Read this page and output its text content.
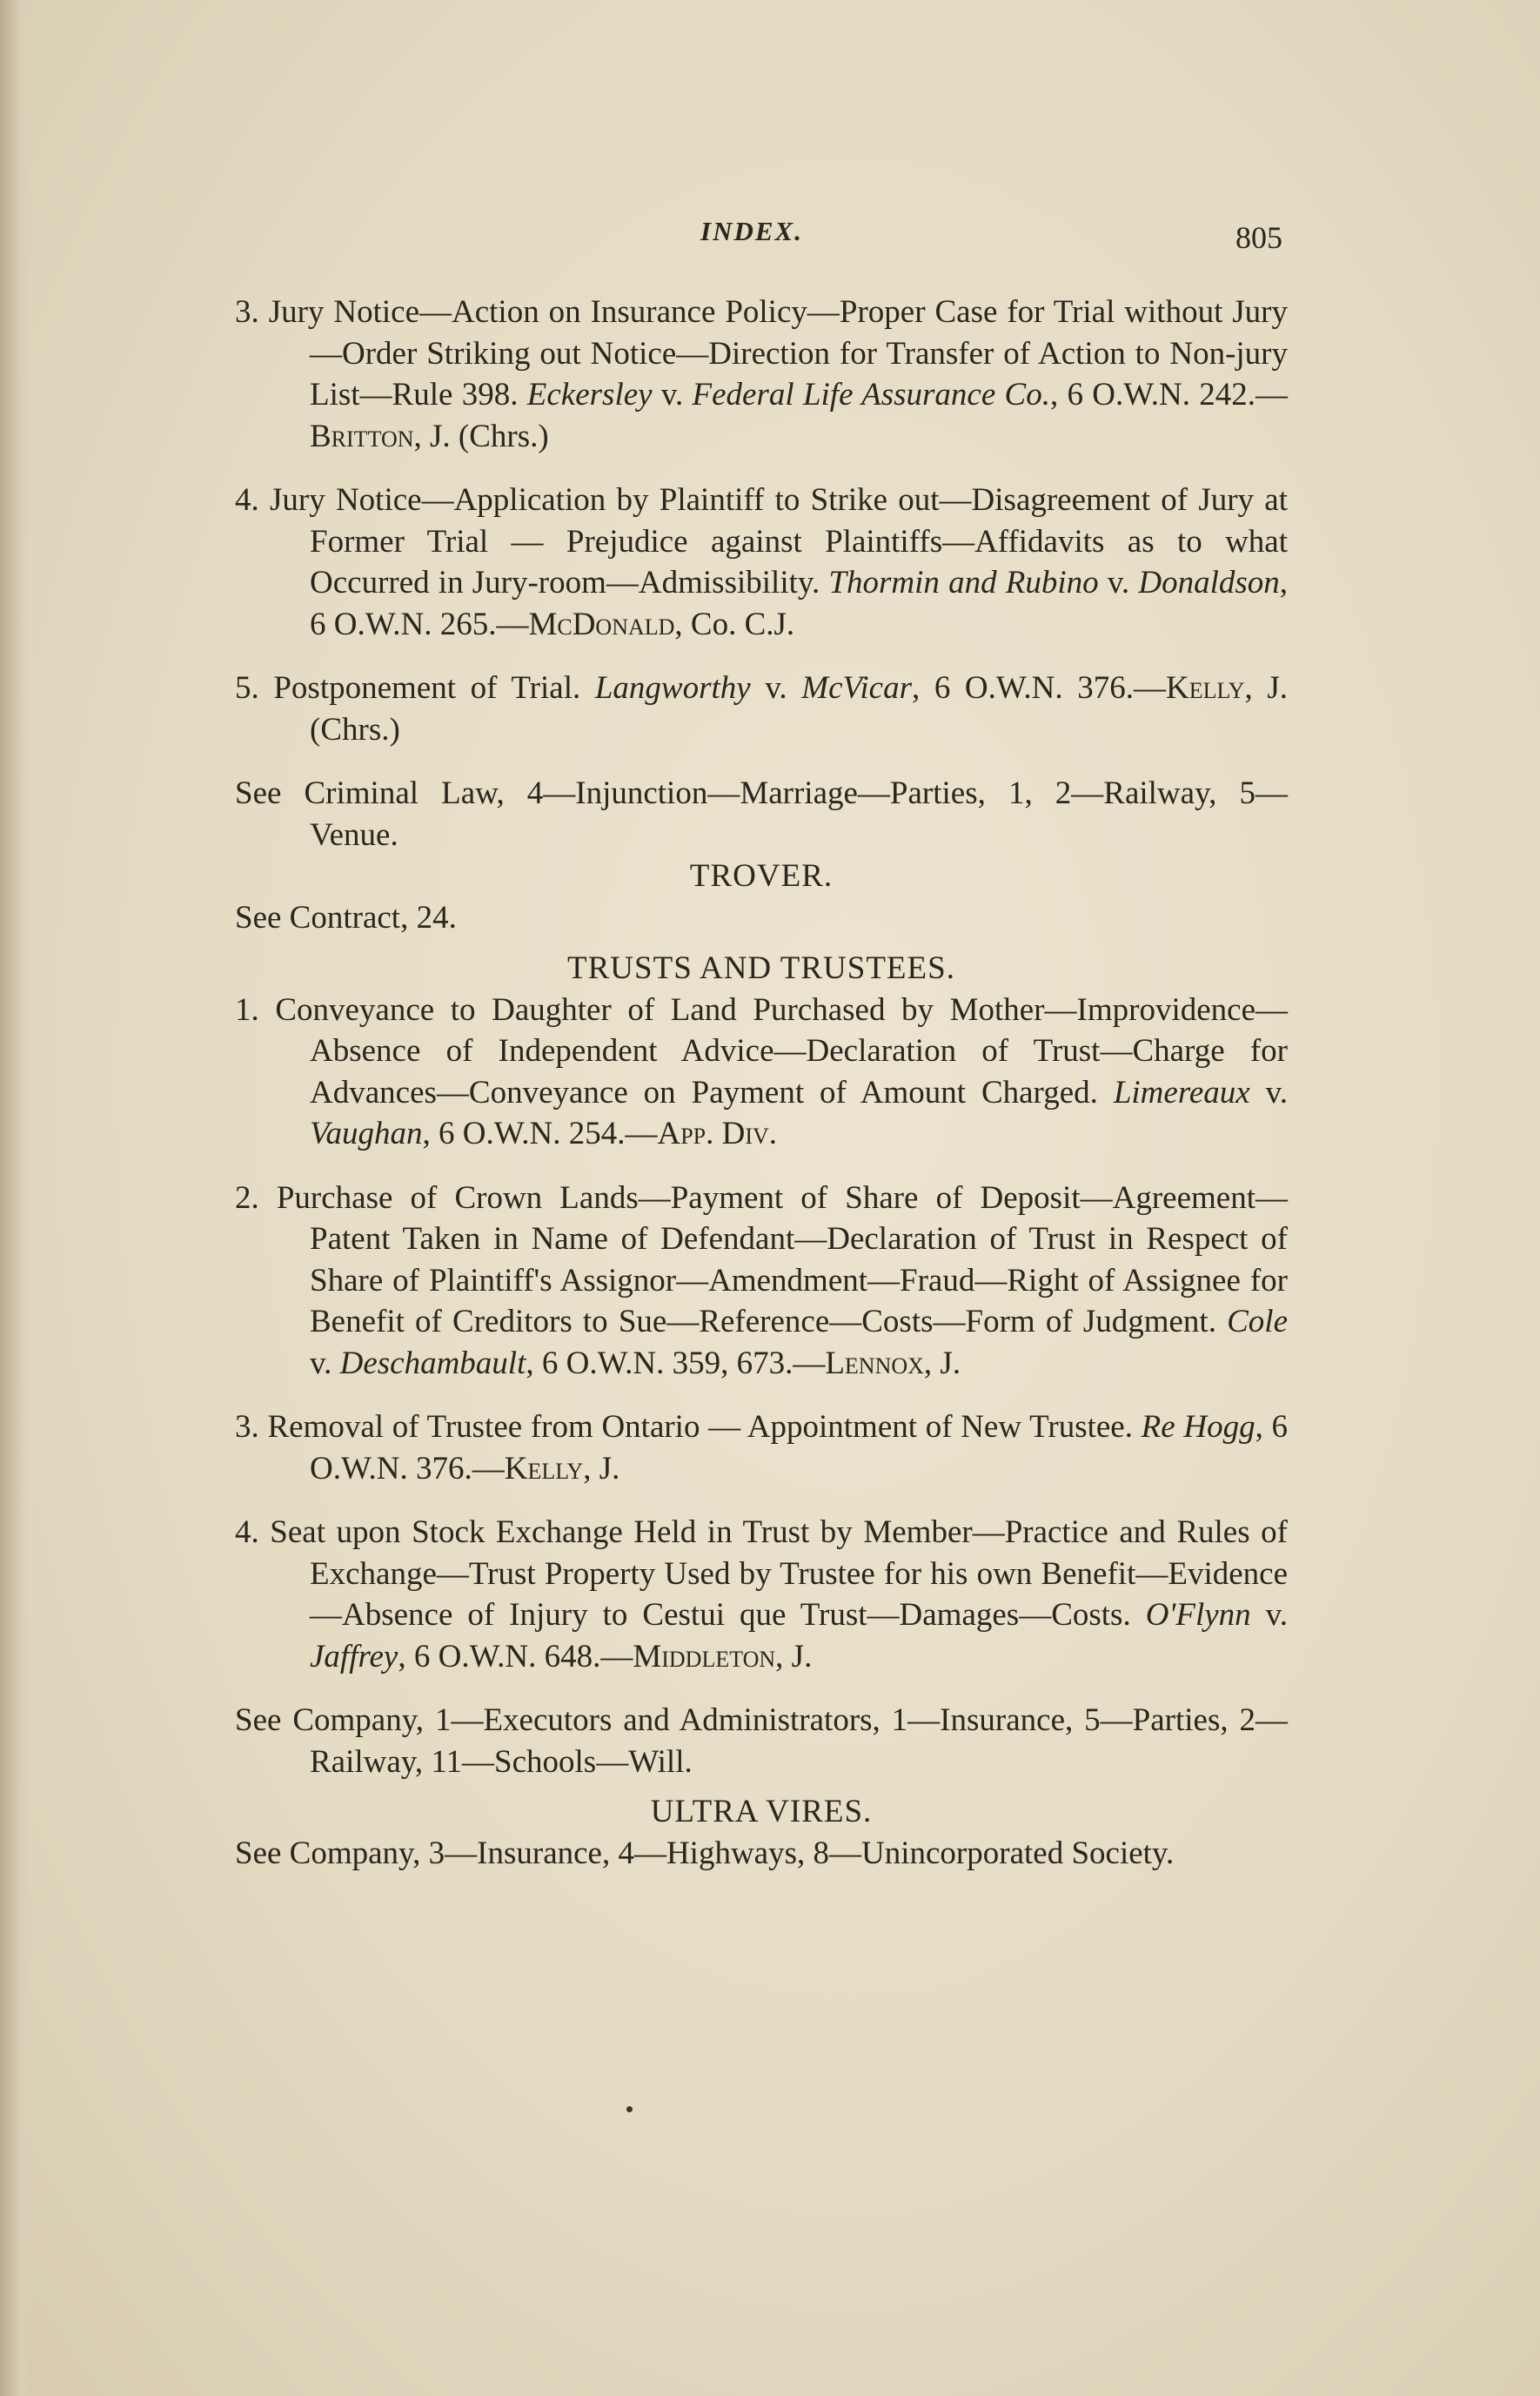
INDEX.	805

3. Jury Notice—Action on Insurance Policy—Proper Case for Trial without Jury—Order Striking out Notice—Direction for Transfer of Action to Non-jury List—Rule 398. Eckersley v. Federal Life Assurance Co., 6 O.W.N. 242.—Britton, J. (Chrs.)

4. Jury Notice—Application by Plaintiff to Strike out—Disagreement of Jury at Former Trial — Prejudice against Plaintiffs—Affidavits as to what Occurred in Jury-room—Admissibility. Thormin and Rubino v. Donaldson, 6 O.W.N. 265.—McDonald, Co. C.J.

5. Postponement of Trial. Langworthy v. McVicar, 6 O.W.N. 376.—Kelly, J. (Chrs.)

See Criminal Law, 4—Injunction—Marriage—Parties, 1, 2—Railway, 5—Venue.

TROVER.

See Contract, 24.

TRUSTS AND TRUSTEES.

1. Conveyance to Daughter of Land Purchased by Mother—Improvidence—Absence of Independent Advice—Declaration of Trust—Charge for Advances—Conveyance on Payment of Amount Charged. Limereaux v. Vaughan, 6 O.W.N. 254.—App. Div.

2. Purchase of Crown Lands—Payment of Share of Deposit—Agreement—Patent Taken in Name of Defendant—Declaration of Trust in Respect of Share of Plaintiff's Assignor—Amendment—Fraud—Right of Assignee for Benefit of Creditors to Sue—Reference—Costs—Form of Judgment. Cole v. Deschambault, 6 O.W.N. 359, 673.—Lennox, J.

3. Removal of Trustee from Ontario — Appointment of New Trustee. Re Hogg, 6 O.W.N. 376.—Kelly, J.

4. Seat upon Stock Exchange Held in Trust by Member—Practice and Rules of Exchange—Trust Property Used by Trustee for his own Benefit—Evidence—Absence of Injury to Cestui que Trust—Damages—Costs. O'Flynn v. Jaffrey, 6 O.W.N. 648.—Middleton, J.

See Company, 1—Executors and Administrators, 1—Insurance, 5—Parties, 2—Railway, 11—Schools—Will.

ULTRA VIRES.

See Company, 3—Insurance, 4—Highways, 8—Unincorporated Society.
